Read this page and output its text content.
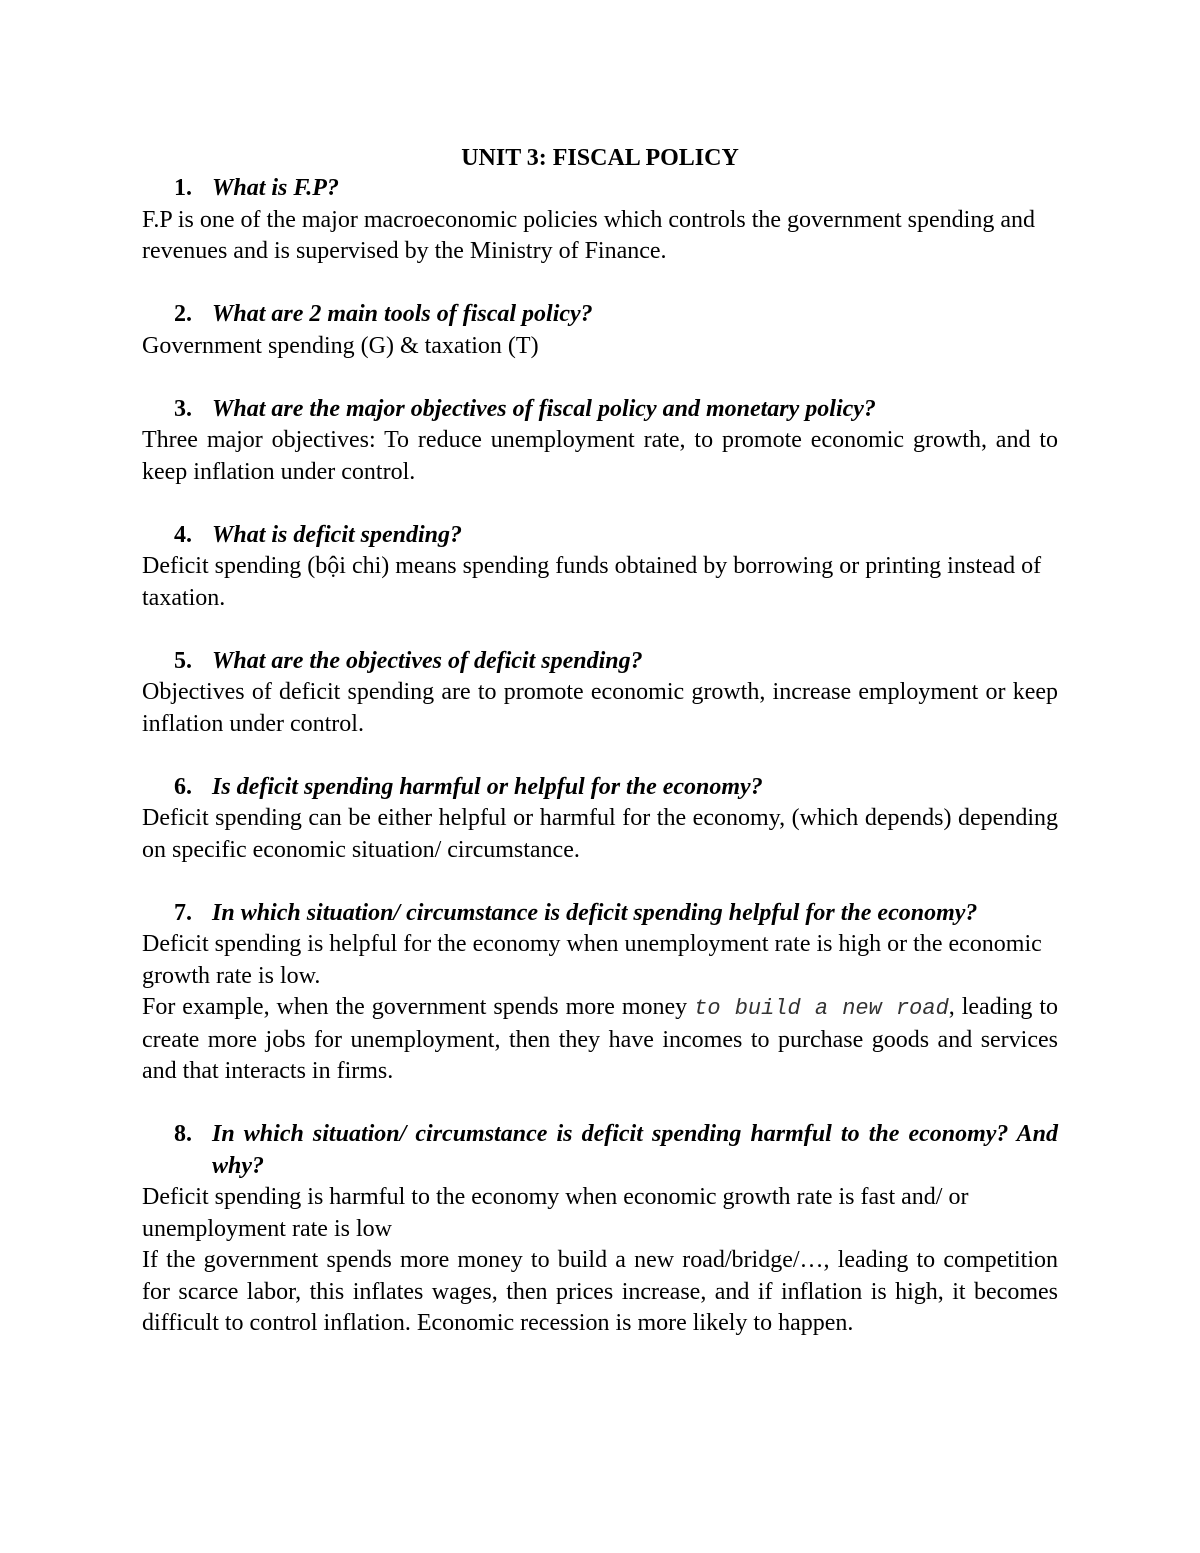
UNIT 3: FISCAL POLICY
1. What is F.P?

F.P is one of the major macroeconomic policies which controls the government spending and revenues and is supervised by the Ministry of Finance.

2. What are 2 main tools of fiscal policy?

Government spending (G) & taxation (T)

3. What are the major objectives of fiscal policy and monetary policy?

Three major objectives: To reduce unemployment rate, to promote economic growth, and to keep inflation under control.

4. What is deficit spending?

Deficit spending (bội chi) means spending funds obtained by borrowing or printing instead of taxation.

5. What are the objectives of deficit spending?

Objectives of deficit spending are to promote economic growth, increase employment or keep inflation under control.

6. Is deficit spending harmful or helpful for the economy?

Deficit spending can be either helpful or harmful for the economy, (which depends) depending on specific economic situation/ circumstance.

7. In which situation/ circumstance is deficit spending helpful for the economy?

Deficit spending is helpful for the economy when unemployment rate is high or the economic growth rate is low.

For example, when the government spends more money to build a new road, leading to create more jobs for unemployment, then they have incomes to purchase goods and services and that interacts in firms.

8. In which situation/ circumstance is deficit spending harmful to the economy? And why?

Deficit spending is harmful to the economy when economic growth rate is fast and/ or unemployment rate is low

If the government spends more money to build a new road/bridge/…, leading to competition for scarce labor, this inflates wages, then prices increase, and if inflation is high, it becomes difficult to control inflation. Economic recession is more likely to happen.
